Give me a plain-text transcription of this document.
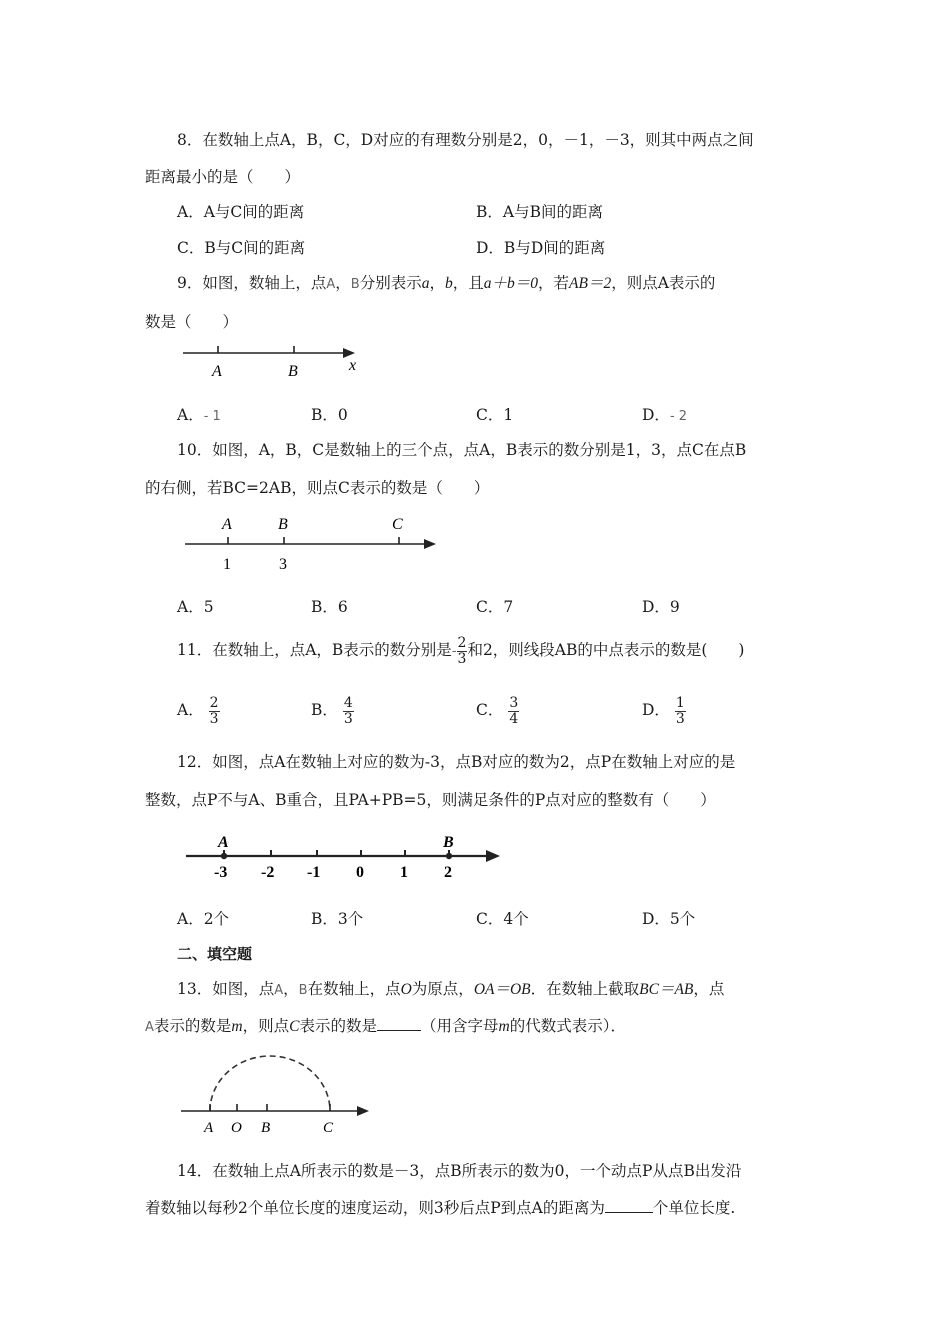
8．在数轴上点A，B，C，D对应的有理数分别是2，0，－1，－3，则其中两点之间
距离最小的是（　　）
A．A与C间的距离	B．A与B间的距离
C．B与C间的距离	D．B与D间的距离
9．如图，数轴上，点A，B分别表示a，b，且a＋b＝0，若AB＝2，则点A表示的
数是（　　）
A	B	x
A．- 1	B．0	C．1	D．- 2
10．如图，A，B，C是数轴上的三个点，点A，B表示的数分别是1，3，点C在点B
的右侧，若BC=2AB，则点C表示的数是（　　）
A	B	C
1	3
A．5	B．6	C．7	D．9
11．在数轴上，点A，B表示的数分别是- $\frac{2}{3}$ 和2，则线段AB的中点表示的数是(　　)
A． $\frac{2}{3}$	B． $\frac{4}{3}$	C． $\frac{3}{4}$	D． $\frac{1}{3}$
12．如图，点A在数轴上对应的数为-3，点B对应的数为2，点P在数轴上对应的是
整数，点P不与A、B重合，且PA+PB=5，则满足条件的P点对应的整数有（　　）
A	B
-3 -2 -1 0 1 2
A．2个	B．3个	C．4个	D．5个
二、填空题
13．如图，点A，B在数轴上，点O为原点，OA＝OB．在数轴上截取BC＝AB，点
A表示的数是m，则点C表示的数是	（用含字母m的代数式表示）．
A O B	C
14．在数轴上点A所表示的数是－3，点B所表示的数为0，一个动点P从点B出发沿
着数轴以每秒2个单位长度的速度运动，则3秒后点P到点A的距离为	个单位长度.
